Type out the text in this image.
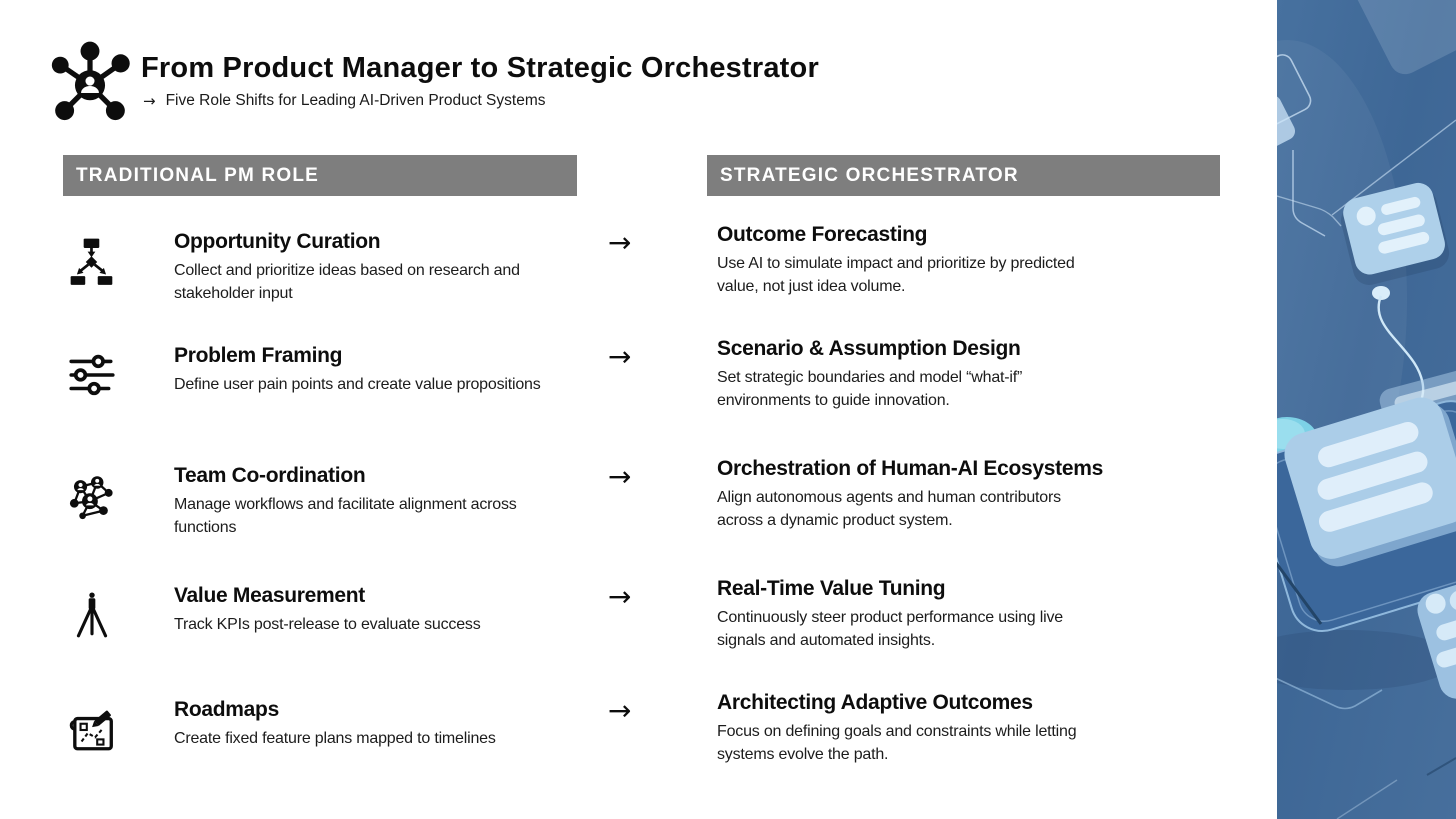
From Product Manager to Strategic Orchestrator
→ Five Role Shifts for Leading AI-Driven Product Systems
TRADITIONAL PM ROLE	STRATEGIC ORCHESTRATOR
Opportunity Curation
Collect and prioritize ideas based on research and
stakeholder input
→	Outcome Forecasting
Use AI to simulate impact and prioritize by predicted
value, not just idea volume.
Problem Framing
Define user pain points and create value propositions
→	Scenario & Assumption Design
Set strategic boundaries and model “what-if”
environments to guide innovation.
Team Co-ordination
Manage workflows and facilitate alignment across
functions
→	Orchestration of Human-AI Ecosystems
Align autonomous agents and human contributors
across a dynamic product system.
Value Measurement
Track KPIs post-release to evaluate success
→	Real-Time Value Tuning
Continuously steer product performance using live
signals and automated insights.
Roadmaps
Create fixed feature plans mapped to timelines
→	Architecting Adaptive Outcomes
Focus on defining goals and constraints while letting
systems evolve the path.
